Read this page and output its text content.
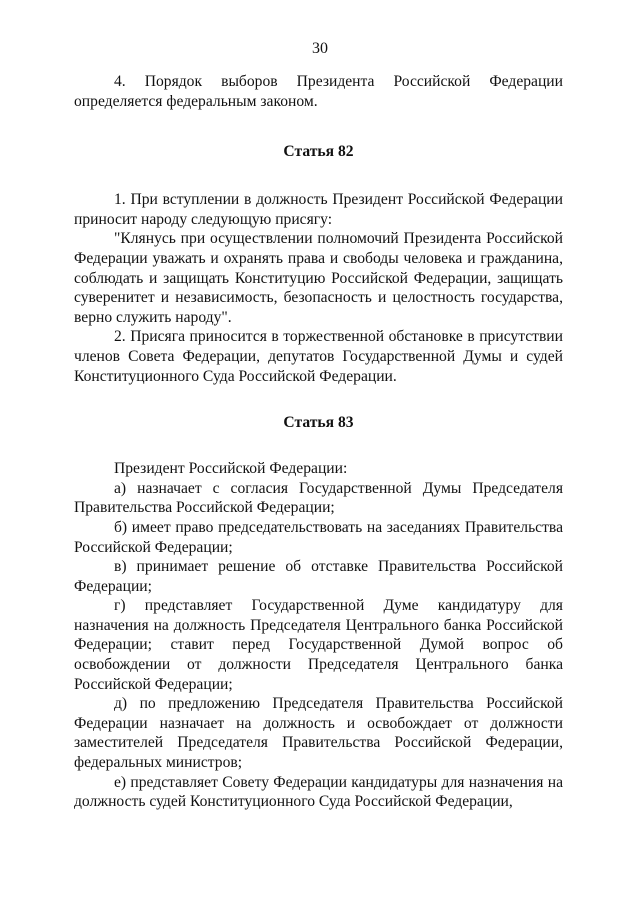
30

4. Порядок выборов Президента Российской Федерации определяется федеральным законом.

Статья 82

1. При вступлении в должность Президент Российской Федерации приносит народу следующую присягу:

"Клянусь при осуществлении полномочий Президента Российской Федерации уважать и охранять права и свободы человека и гражданина, соблюдать и защищать Конституцию Российской Федерации, защищать суверенитет и независимость, безопасность и целостность государства, верно служить народу".

2. Присяга приносится в торжественной обстановке в присутствии членов Совета Федерации, депутатов Государственной Думы и судей Конституционного Суда Российской Федерации.

Статья 83

Президент Российской Федерации:

а) назначает с согласия Государственной Думы Председателя Правительства Российской Федерации;

б) имеет право председательствовать на заседаниях Правительства Российской Федерации;

в) принимает решение об отставке Правительства Российской Федерации;

г) представляет Государственной Думе кандидатуру для назначения на должность Председателя Центрального банка Российской Федерации; ставит перед Государственной Думой вопрос об освобождении от должности Председателя Центрального банка Российской Федерации;

д) по предложению Председателя Правительства Российской Федерации назначает на должность и освобождает от должности заместителей Председателя Правительства Российской Федерации, федеральных министров;

е) представляет Совету Федерации кандидатуры для назначения на должность судей Конституционного Суда Российской Федерации,
